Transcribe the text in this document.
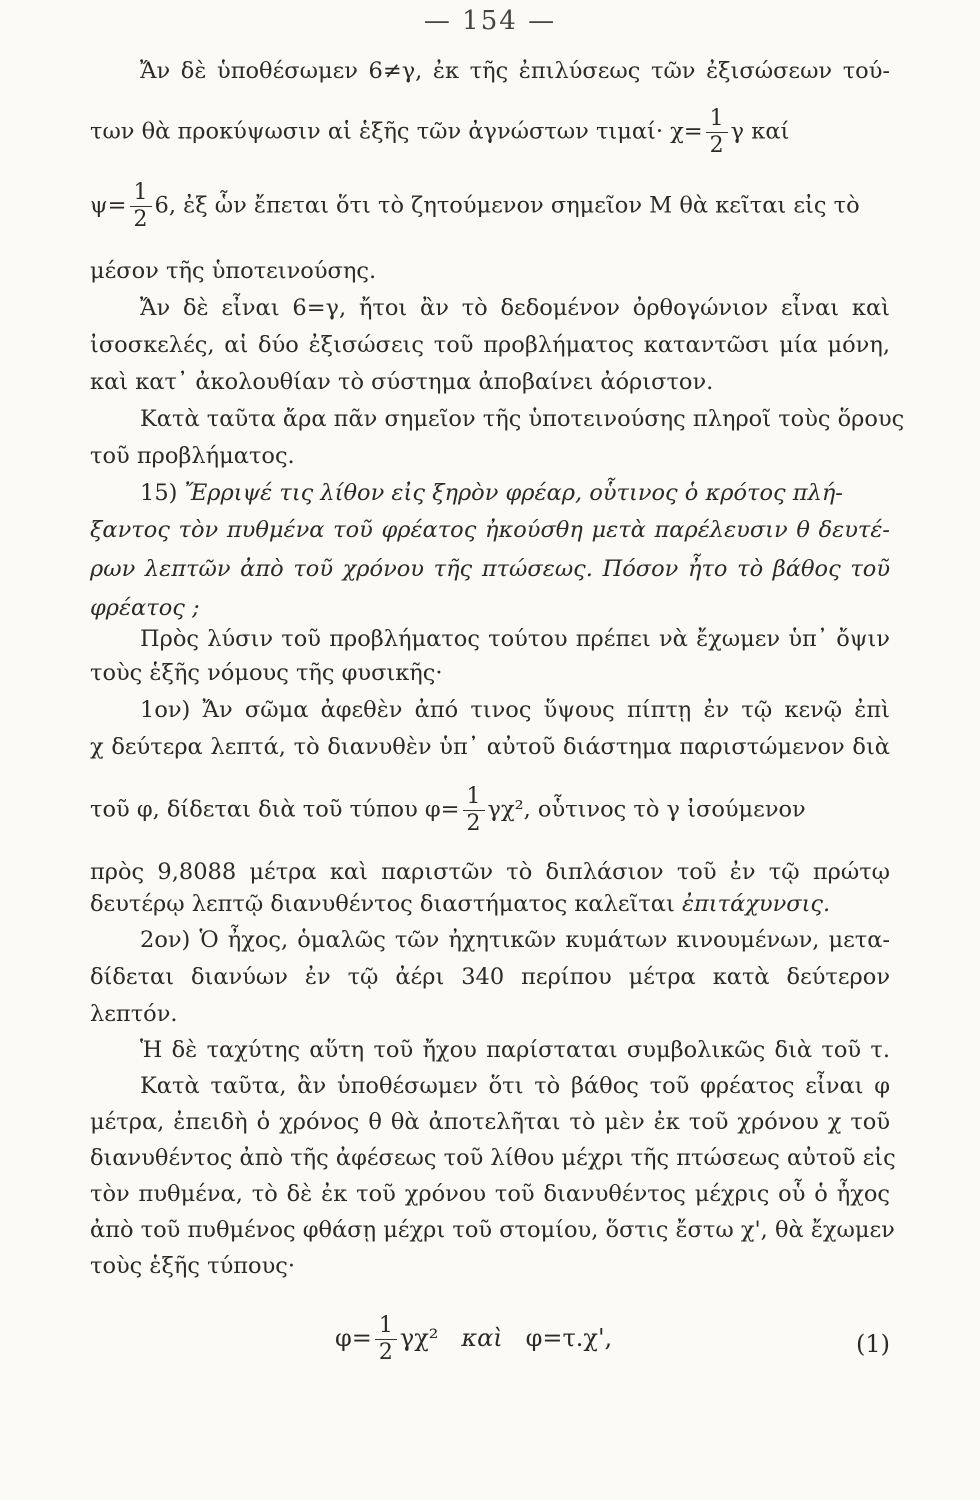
— 154 —
Ἄν δὲ ὑποθέσωμεν 6≠γ, ἐκ τῆς ἐπιλύσεως τῶν ἐξισώσεων τού-
των θὰ προκύψωσιν αἱ ἑξῆς τῶν ἀγνώστων $\tau\iota\mu\alpha ί\cdot \chi= \frac{1}{2}$ γ καί
$\psi= \frac{1}{2} 6$, ἐξ ὧν ἔπεται ὅτι τὸ ζητούμενον σημεῖον Μ θὰ κεῖται εἰς τὸ
μέσον τῆς ὑποτεινούσης.
Ἄν δὲ εἶναι 6=γ, ἤτοι ἂν τὸ δεδομένον ὀρθογώνιον εἶναι καὶ
ἰσοσκελές, αἱ δύο ἐξισώσεις τοῦ προβλήματος καταντῶσι μία μόνη,
καὶ κατ᾽ ἀκολουθίαν τὸ σύστημα ἀποβαίνει ἀόριστον.
Κατὰ ταῦτα ἄρα πᾶν σημεῖον τῆς ὑποτεινούσης πληροῖ τοὺς ὅρους
τοῦ προβλήματος.
15) Ἔρριψέ τις λίθον εἰς ξηρὸν φρέαρ, οὗτινος ὁ κρότος πλή-
ξαντος τὸν πυθμένα τοῦ φρέατος ἠκούσθη μετὰ παρέλευσιν θ δευτέ-
ρων λεπτῶν ἀπὸ τοῦ χρόνου τῆς πτώσεως. Πόσον ἦτο τὸ βάθος τοῦ
φρέατος ;
Πρὸς λύσιν τοῦ προβλήματος τούτου πρέπει νὰ ἔχωμεν ὑπ᾽ ὄψιν
τοὺς ἑξῆς νόμους τῆς φυσικῆς·
1ον) Ἄν σῶμα ἀφεθὲν ἀπό τινος ὕψους πίπτῃ ἐν τῷ κενῷ ἐπὶ
χ δεύτερα λεπτά, τὸ διανυθὲν ὑπ᾽ αὐτοῦ διάστημα παριστώμενον διὰ
τοῦ φ, δίδεται διὰ τοῦ τύπου $\varphi= \frac{1}{2} \gamma\chi^2$, οὗτινος τὸ γ ἰσούμενον
πρὸς 9,8088 μέτρα καὶ παριστῶν τὸ διπλάσιον τοῦ ἐν τῷ πρώτῳ
δευτέρῳ λεπτῷ διανυθέντος διαστήματος καλεῖται ἐπιτάχυνσις.
2ον) Ὁ ἦχος, ὁμαλῶς τῶν ἠχητικῶν κυμάτων κινουμένων, μετα-
δίδεται διανύων ἐν τῷ ἀέρι 340 περίπου μέτρα κατὰ δεύτερον
λεπτόν.
Ἡ δὲ ταχύτης αὕτη τοῦ ἤχου παρίσταται συμβολικῶς διὰ τοῦ τ.
Κατὰ ταῦτα, ἂν ὑποθέσωμεν ὅτι τὸ βάθος τοῦ φρέατος εἶναι φ
μέτρα, ἐπειδὴ ὁ χρόνος θ θὰ ἀποτελῆται τὸ μὲν ἐκ τοῦ χρόνου χ τοῦ
διανυθέντος ἀπὸ τῆς ἀφέσεως τοῦ λίθου μέχρι τῆς πτώσεως αὐτοῦ εἰς
τὸν πυθμένα, τὸ δὲ ἐκ τοῦ χρόνου τοῦ διανυθέντος μέχρις οὗ ὁ ἦχος
ἀπὸ τοῦ πυθμένος φθάσῃ μέχρι τοῦ στομίου, ὅστις ἔστω χ', θὰ ἔχωμεν
τοὺς ἑξῆς τύπους·
$\varphi= \frac{1}{2} \gamma\chi^2$ καὶ φ=τ.χ',	(1)
